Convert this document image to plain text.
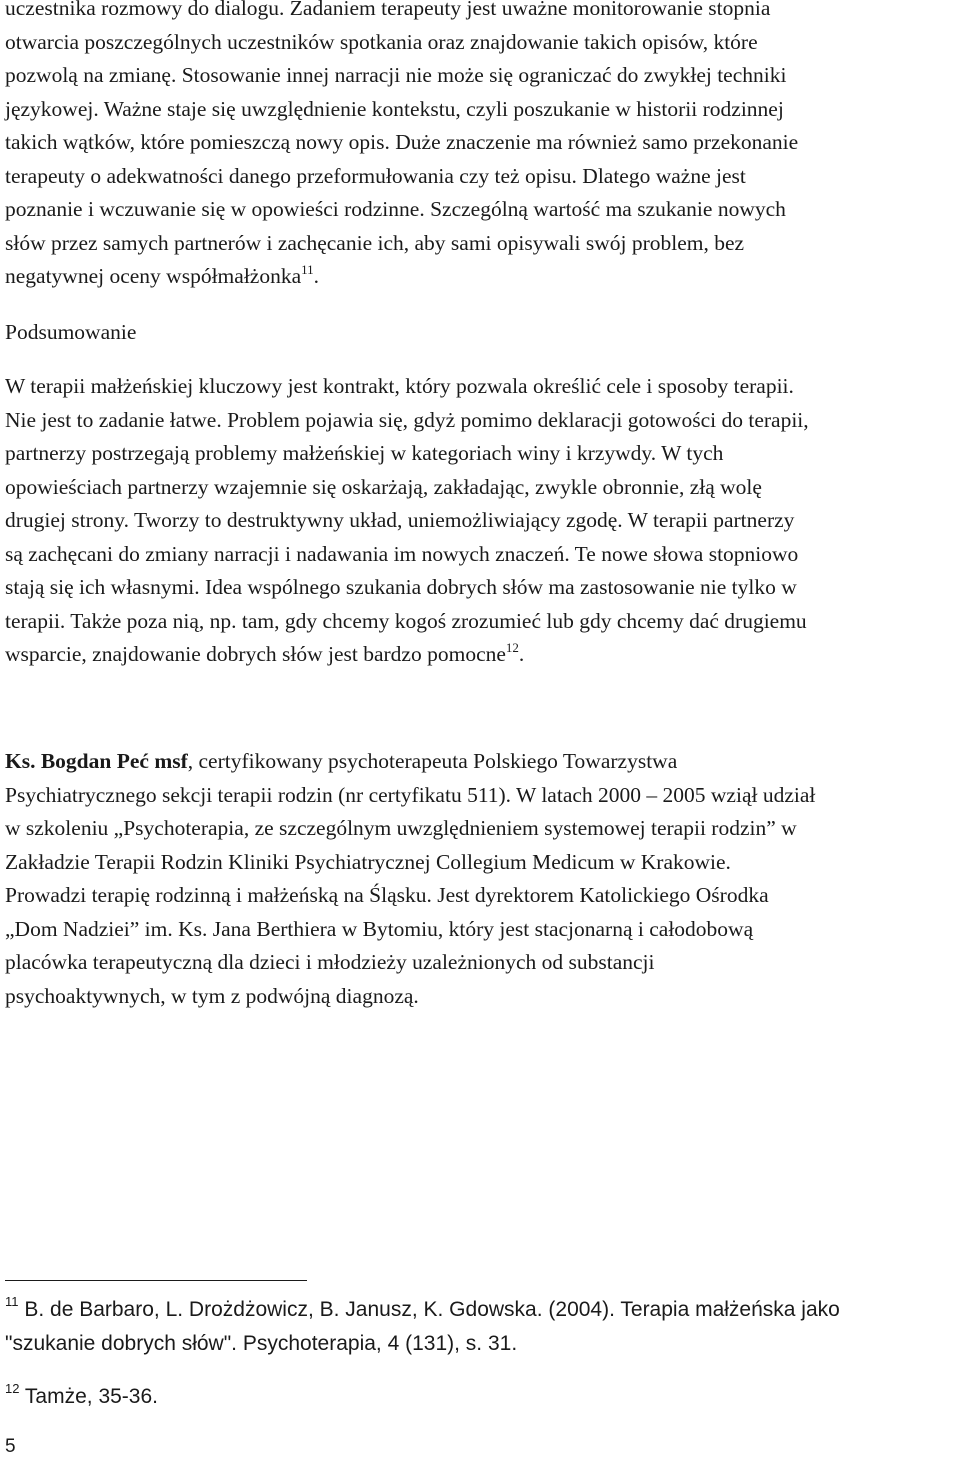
uczestnika rozmowy do dialogu. Zadaniem terapeuty jest uważne monitorowanie stopnia
otwarcia poszczególnych uczestników spotkania oraz znajdowanie takich opisów, które
pozwolą na zmianę. Stosowanie innej narracji nie może się ograniczać do zwykłej techniki
językowej. Ważne staje się uwzględnienie kontekstu, czyli poszukanie w historii rodzinnej
takich wątków, które pomieszczą nowy opis. Duże znaczenie ma również samo przekonanie
terapeuty o adekwatności danego przeformułowania czy też opisu. Dlatego ważne jest
poznanie i wczuwanie się w opowieści rodzinne. Szczególną wartość ma szukanie nowych
słów przez samych partnerów i zachęcanie ich, aby sami opisywali swój problem, bez
negatywnej oceny współmałżonka$^{11}$.

Podsumowanie

W terapii małżeńskiej kluczowy jest kontrakt, który pozwala określić cele i sposoby terapii.
Nie jest to zadanie łatwe. Problem pojawia się, gdyż pomimo deklaracji gotowości do terapii,
partnerzy postrzegają problemy małżeńskiej w kategoriach winy i krzywdy. W tych
opowieściach partnerzy wzajemnie się oskarżają, zakładając, zwykle obronnie, złą wolę
drugiej strony. Tworzy to destruktywny układ, uniemożliwiający zgodę. W terapii partnerzy
są zachęcani do zmiany narracji i nadawania im nowych znaczeń. Te nowe słowa stopniowo
stają się ich własnymi. Idea wspólnego szukania dobrych słów ma zastosowanie nie tylko w
terapii. Także poza nią, np. tam, gdy chcemy kogoś zrozumieć lub gdy chcemy dać drugiemu
wsparcie, znajdowanie dobrych słów jest bardzo pomocne$^{12}$.

Ks. Bogdan Peć msf, certyfikowany psychoterapeuta Polskiego Towarzystwa
Psychiatrycznego sekcji terapii rodzin (nr certyfikatu 511). W latach 2000 – 2005 wziął udział
w szkoleniu „Psychoterapia, ze szczególnym uwzględnieniem systemowej terapii rodzin” w
Zakładzie Terapii Rodzin Kliniki Psychiatrycznej Collegium Medicum w Krakowie.
Prowadzi terapię rodzinną i małżeńską na Śląsku. Jest dyrektorem Katolickiego Ośrodka
„Dom Nadziei” im. Ks. Jana Berthiera w Bytomiu, który jest stacjonarną i całodobową
placówka terapeutyczną dla dzieci i młodzieży uzależnionych od substancji
psychoaktywnych, w tym z podwójną diagnozą.

$^{11}$ B. de Barbaro, L. Drożdżowicz, B. Janusz, K. Gdowska. (2004). Terapia małżeńska jako
"szukanie dobrych słów". Psychoterapia, 4 (131), s. 31.

$^{12}$ Tamże, 35-36.

5
